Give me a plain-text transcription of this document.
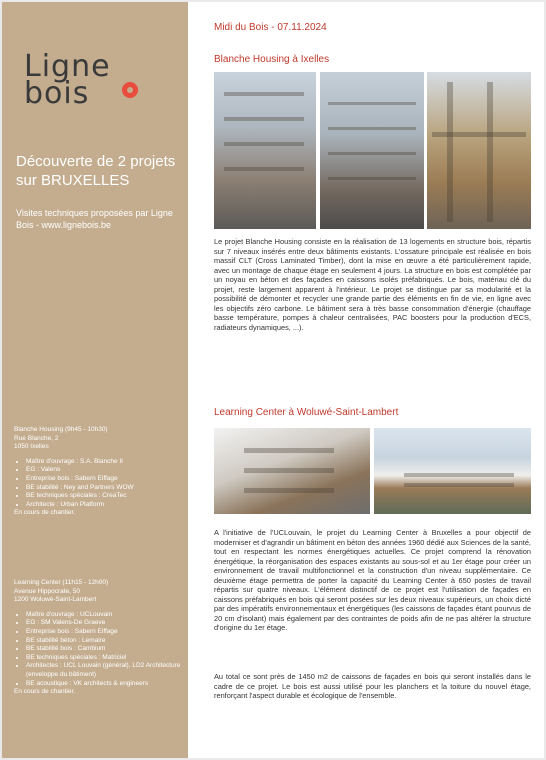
Ligne
bois
Découverte de 2 projets sur BRUXELLES
Visites techniques proposées par Ligne Bois - www.lignebois.be
Blanche Housing (9h45 - 10h30)
Rue Blanche, 2
1050 Ixelles
• Maître d'ouvrage : S.A. Blanche II
• EG : Valens
• Entreprise bois : Sabern Eiffage
• BE stabilité : Ney and Partners WOW
• BE techniques spéciales : CreaTec
• Architecte : Urban Platform
En cours de chantier.
Learning Center (11h15 - 12h00)
Avenue Hippocrate, 50
1200 Woluwé-Saint-Lambert
• Maître d'ouvrage : UCLouvain
• EG : SM Valens-De Graeve
• Entreprise bois : Sabern Eiffage
• BE stabilité béton : Lemaire
• BE stabilité bois : Cambium
• BE techniques spéciales : Matriciel
• Architectes : UCL Louvain (général), LD2 Architecture (enveloppe du bâtiment)
• BE acoustique : VK architects & engineers
En cours de chantier.
Midi du Bois - 07.11.2024
Blanche Housing à Ixelles

Le projet Blanche Housing consiste en la réalisation de 13 logements en structure bois, répartis sur 7 niveaux insérés entre deux bâtiments existants. L'ossature principale est réalisée en bois massif CLT (Cross Laminated Timber), dont la mise en œuvre a été particulièrement rapide, avec un montage de chaque étage en seulement 4 jours. La structure en bois est complétée par un noyau en béton et des façades en caissons isolés préfabriqués. Le bois, matériau clé du projet, reste largement apparent à l'intérieur. Le projet se distingue par sa modularité et la possibilité de démonter et recycler une grande partie des éléments en fin de vie, en ligne avec les objectifs zéro carbone. Le bâtiment sera à très basse consommation d'énergie (chauffage basse température, pompes à chaleur centralisées, PAC boosters pour la production d'ECS, radiateurs dynamiques, ...).

Learning Center à Woluwé-Saint-Lambert

A l'initiative de l'UCLouvain, le projet du Learning Center à Bruxelles a pour objectif de moderniser et d'agrandir un bâtiment en béton des années 1960 dédié aux Sciences de la santé, tout en respectant les normes énergétiques actuelles. Ce projet comprend la rénovation énergétique, la réorganisation des espaces existants au sous-sol et au 1er étage pour créer un environnement de travail multifonctionnel et la construction d'un niveau supplémentaire. Ce deuxième étage permettra de porter la capacité du Learning Center à 650 postes de travail répartis sur quatre niveaux. L'élément distinctif de ce projet est l'utilisation de façades en caissons préfabriqués en bois qui seront posées sur les deux niveaux supérieurs, un choix dicté par des impératifs environnementaux et énergétiques (les caissons de façades étant pourvus de 20 cm d'isolant) mais également par des contraintes de poids afin de ne pas altérer la structure d'origine du 1er étage.

Au total ce sont près de 1450 m2 de caissons de façades en bois qui seront installés dans le cadre de ce projet. Le bois est aussi utilisé pour les planchers et la toiture du nouvel étage, renforçant l'aspect durable et écologique de l'ensemble.
